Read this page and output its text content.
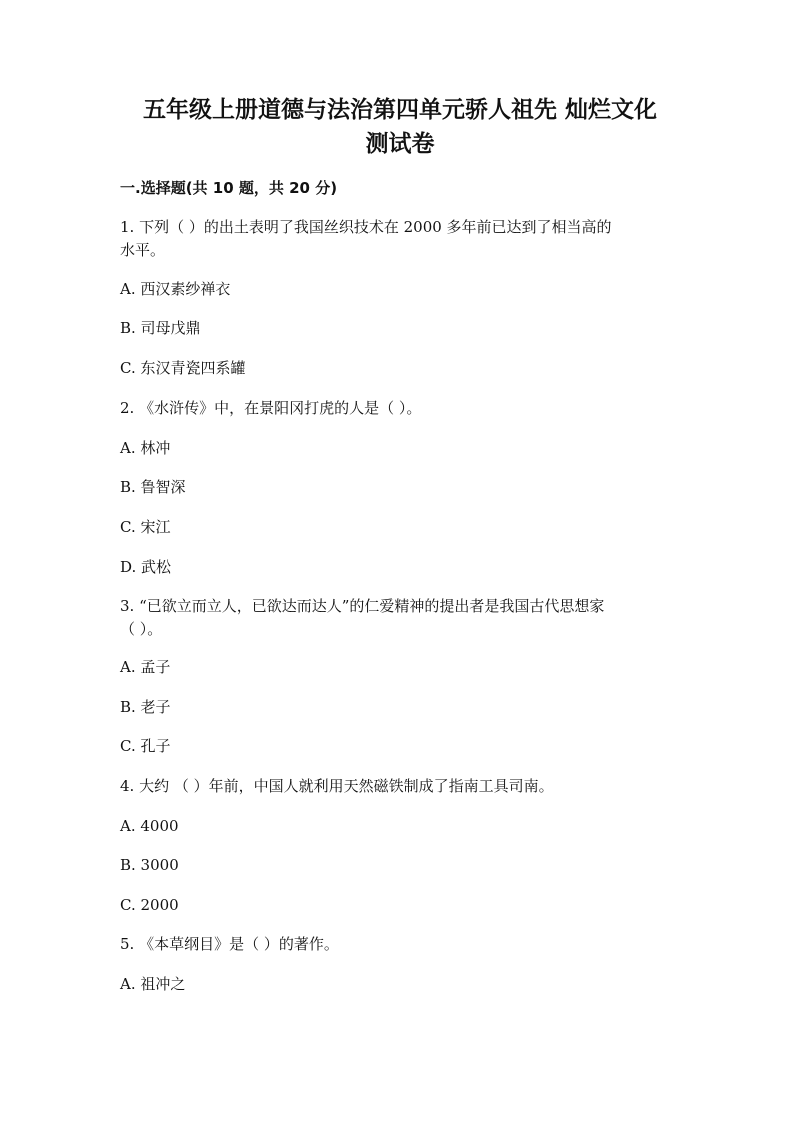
五年级上册道德与法治第四单元骄人祖先 灿烂文化
测试卷
一.选择题(共 10 题，共 20 分)
1. 下列（ ）的出土表明了我国丝织技术在 2000 多年前已达到了相当高的
水平。
A. 西汉素纱禅衣
B. 司母戊鼎
C. 东汉青瓷四系罐
2. 《水浒传》中，在景阳冈打虎的人是（ ）。
A. 林冲
B. 鲁智深
C. 宋江
D. 武松
3. “已欲立而立人，已欲达而达人”的仁爱精神的提出者是我国古代思想家
（ ）。
A. 孟子
B. 老子
C. 孔子
4. 大约 （ ）年前，中国人就利用天然磁铁制成了指南工具司南。
A. 4000
B. 3000
C. 2000
5. 《本草纲目》是（ ）的著作。
A. 祖冲之
